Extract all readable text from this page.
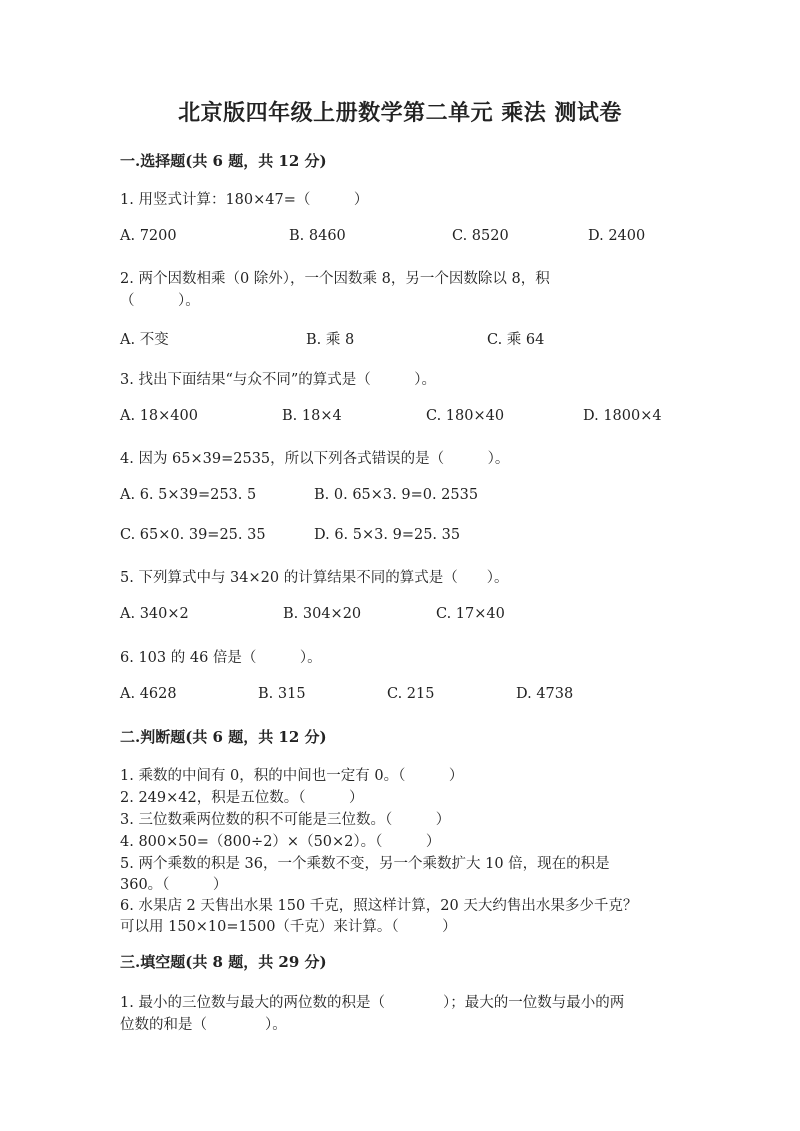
北京版四年级上册数学第二单元 乘法 测试卷
一.选择题(共 6 题，共 12 分)
1. 用竖式计算：180×47=（　　　）
A. 7200	B. 8460	C. 8520	D. 2400
2. 两个因数相乘（0 除外），一个因数乘 8，另一个因数除以 8，积
（　　　）。
A. 不变	B. 乘 8	C. 乘 64
3. 找出下面结果“与众不同”的算式是（　　　）。
A. 18×400	B. 18×4	C. 180×40	D. 1800×4
4. 因为 65×39=2535，所以下列各式错误的是（　　　）。
A. 6. 5×39=253. 5	B. 0. 65×3. 9=0. 2535
C. 65×0. 39=25. 35	D. 6. 5×3. 9=25. 35
5. 下列算式中与 34×20 的计算结果不同的算式是（　　）。
A. 340×2	B. 304×20	C. 17×40
6. 103 的 46 倍是（　　　）。
A. 4628	B. 315	C. 215	D. 4738
二.判断题(共 6 题，共 12 分)
1. 乘数的中间有 0，积的中间也一定有 0。（　　　）
2. 249×42，积是五位数。（　　　）
3. 三位数乘两位数的积不可能是三位数。（　　　）
4. 800×50=（800÷2）×（50×2）。（　　　）
5. 两个乘数的积是 36，一个乘数不变，另一个乘数扩大 10 倍，现在的积是
360。（　　　）
6. 水果店 2 天售出水果 150 千克，照这样计算，20 天大约售出水果多少千克？
可以用 150×10=1500（千克）来计算。（　　　）
三.填空题(共 8 题，共 29 分)
1. 最小的三位数与最大的两位数的积是（　　　　）；最大的一位数与最小的两
位数的和是（　　　　）。
